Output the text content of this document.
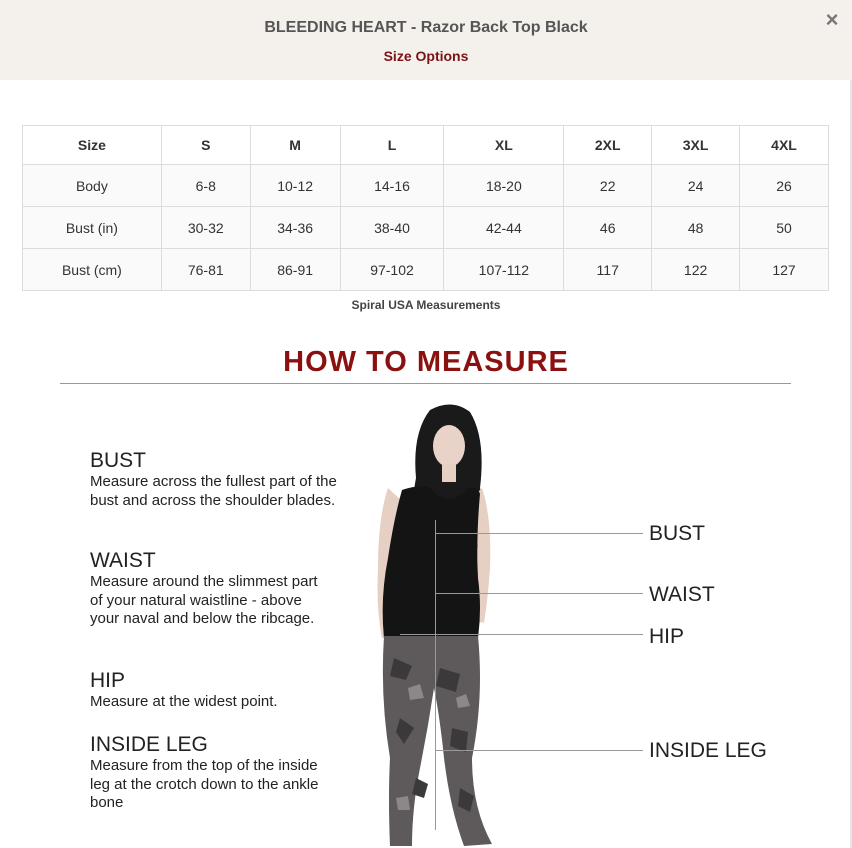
BLEEDING HEART - Razor Back Top Black
Size Options
×
Size	S	M	L	XL	2XL	3XL	4XL
Body	6-8	10-12	14-16	18-20	22	24	26
Bust (in)	30-32	34-36	38-40	42-44	46	48	50
Bust (cm)	76-81	86-91	97-102	107-112	117	122	127
Spiral USA Measurements
HOW TO MEASURE
BUST
Measure across the fullest part of the bust and across the shoulder blades.
WAIST
Measure around the slimmest part of your natural waistline - above your naval and below the ribcage.
HIP
Measure at the widest point.
INSIDE LEG
Measure from the top of the inside leg at the crotch down to the ankle bone
BUST
WAIST
HIP
INSIDE LEG
